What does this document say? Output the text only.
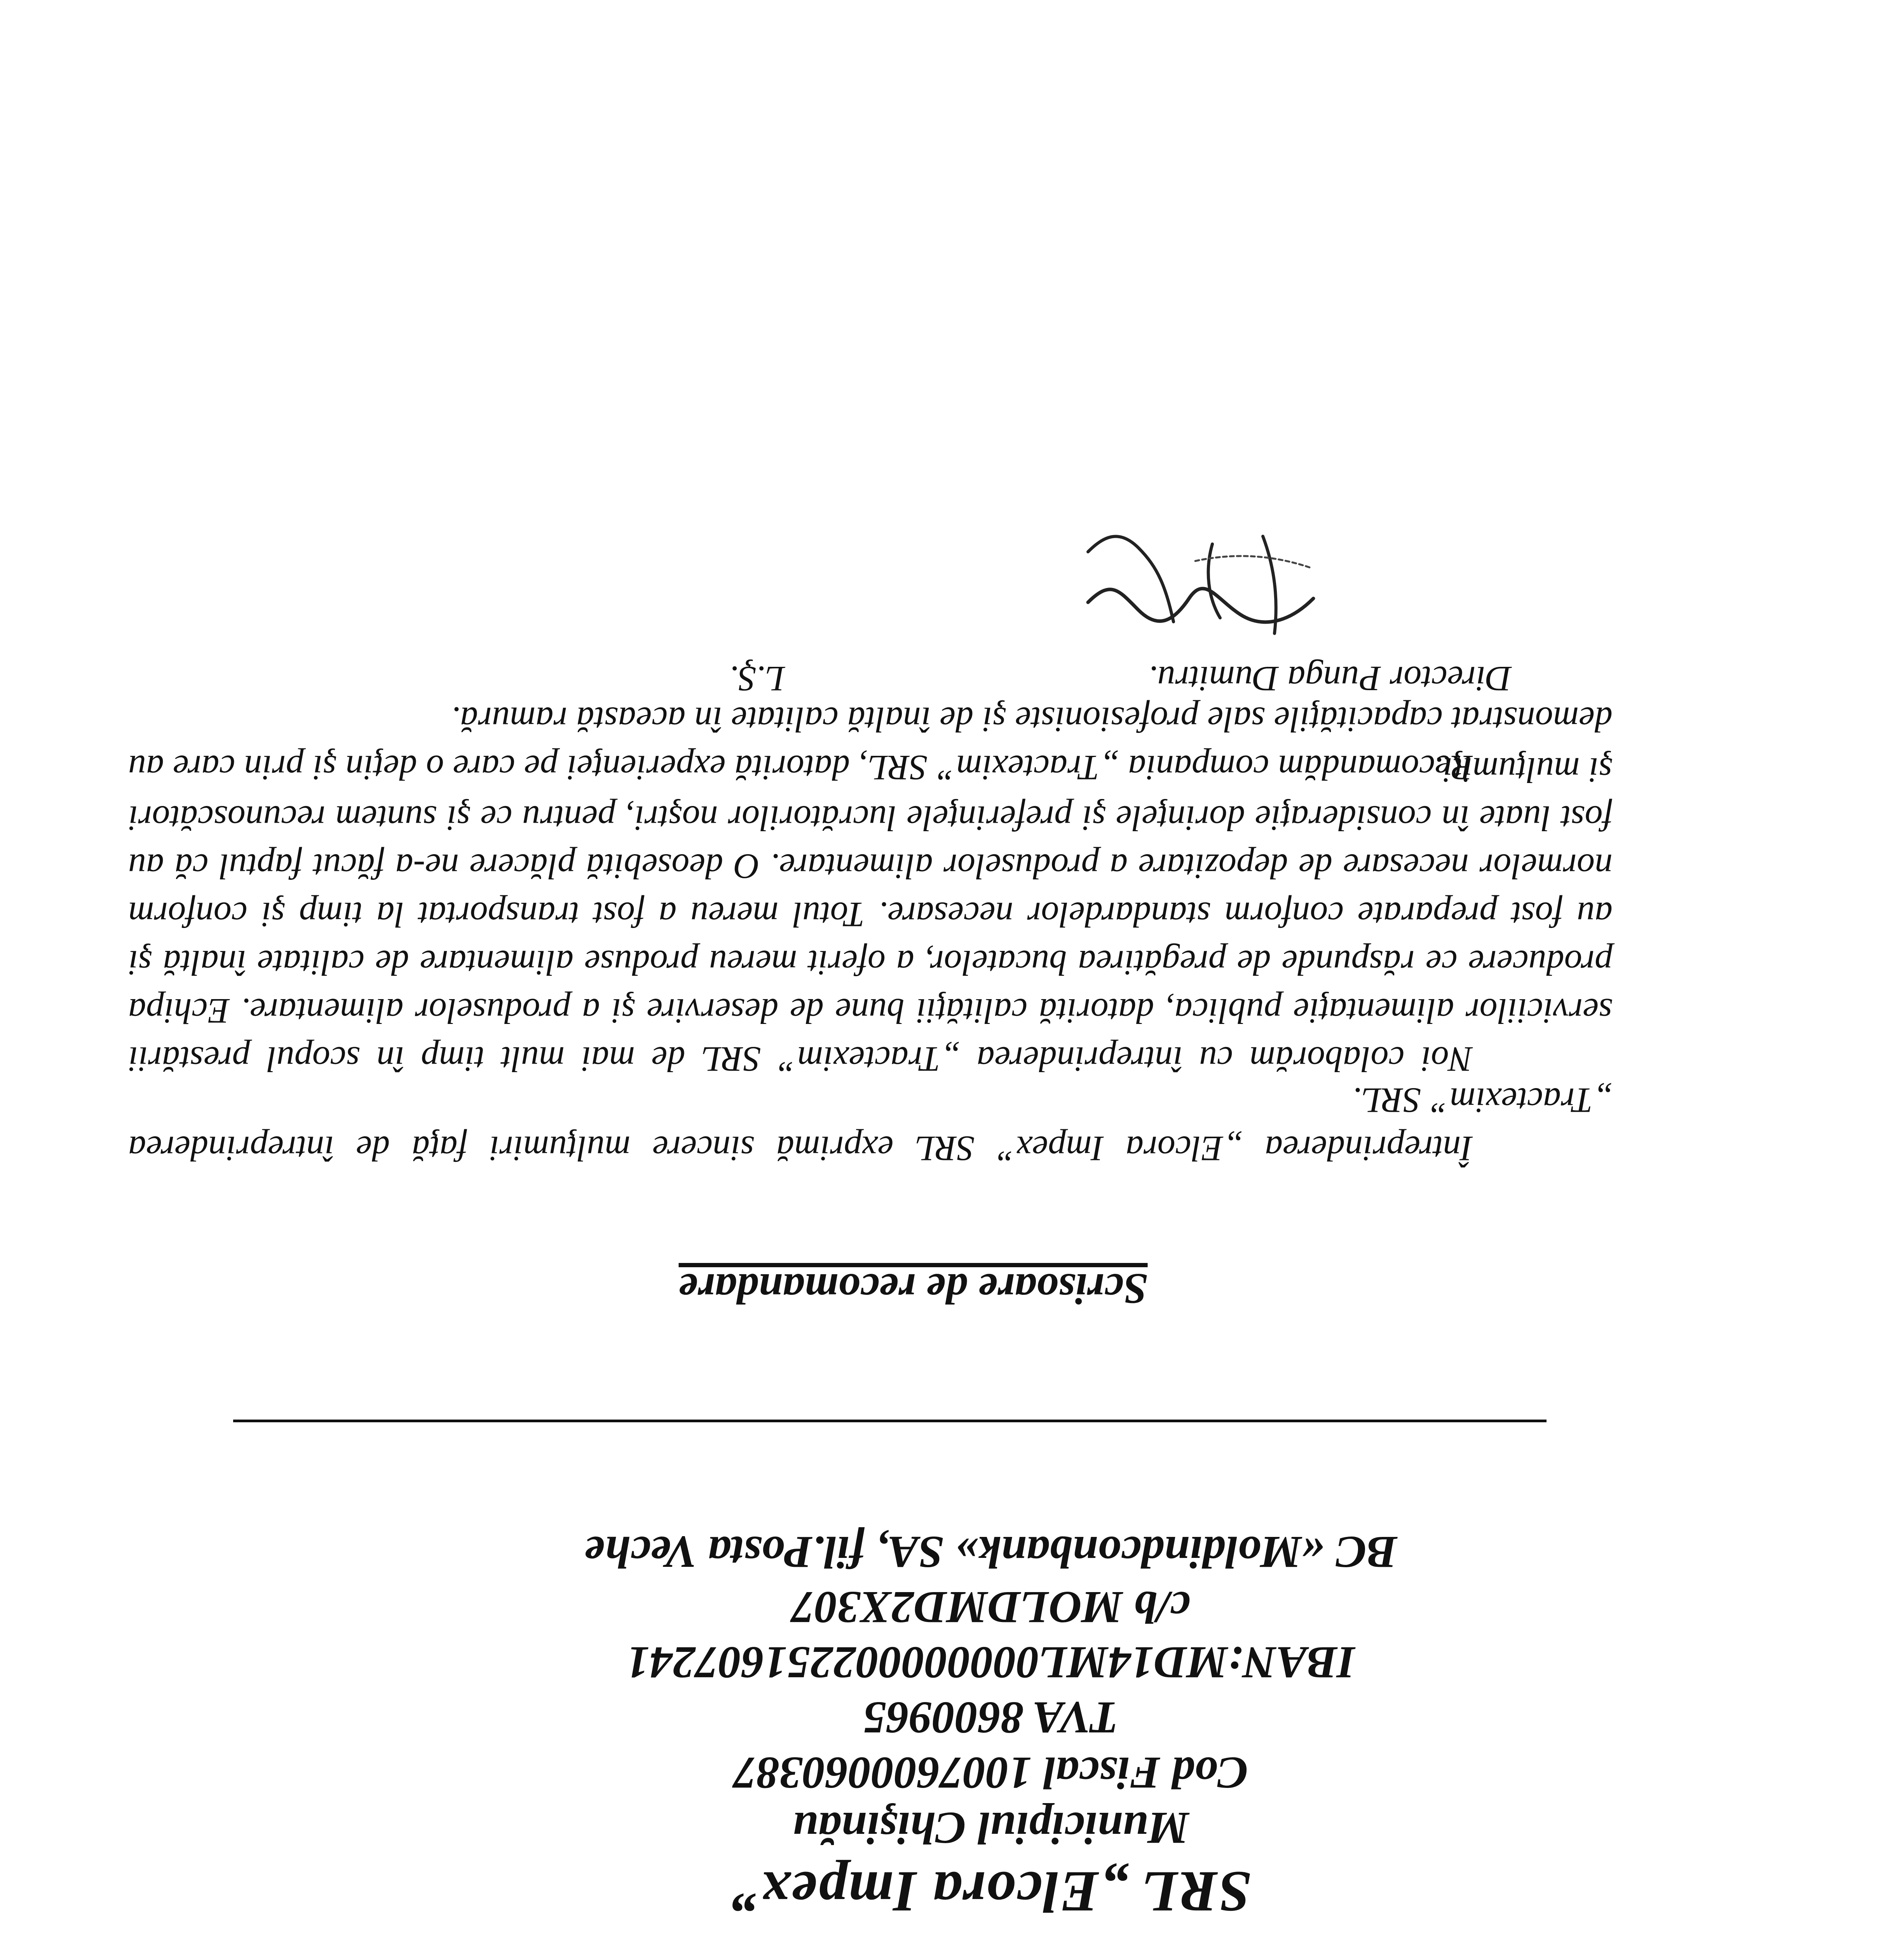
SRL „Elcora Impex”
Municipiul Chişinău
Cod Fiscal 1007600060387
TVA 8600965
IBAN:MD14ML000000002251607241
c/b MOLDMD2X307
BC «Moldindconbank» SA, fil.Posta Veche
Scrisoare de recomandare

Întreprinderea „Elcora Impex” SRL exprimă sincere mulţumiri faţă de întreprinderea „Tractexim” SRL.

Noi colaborăm cu întreprinderea „Tractexim” SRL de mai mult timp în scopul prestării serviciilor alimentaţie publica, datorită calităţii bune de deservire şi a produselor alimentare. Echipa producere ce răspunde de pregătirea bucatelor, a oferit mereu produse alimentare de calitate înaltă şi au fost preparate conform standardelor necesare. Totul mereu a fost transportat la timp şi conform normelor necesare de depozitare a produselor alimentare. O deosebită plăcere ne-a făcut faptul că au fost luate în consideraţie dorinţele şi preferinţele lucrătorilor noştri, pentru ce şi suntem recunoscători şi mulţumiţi.

Recomandăm compania „Tractexim” SRL, datorită experienţei pe care o deţin şi prin care au demonstrat capacităţile sale profesioniste şi de înaltă calitate în această ramură.

Director Punga Dumitru.
L.Ş.
